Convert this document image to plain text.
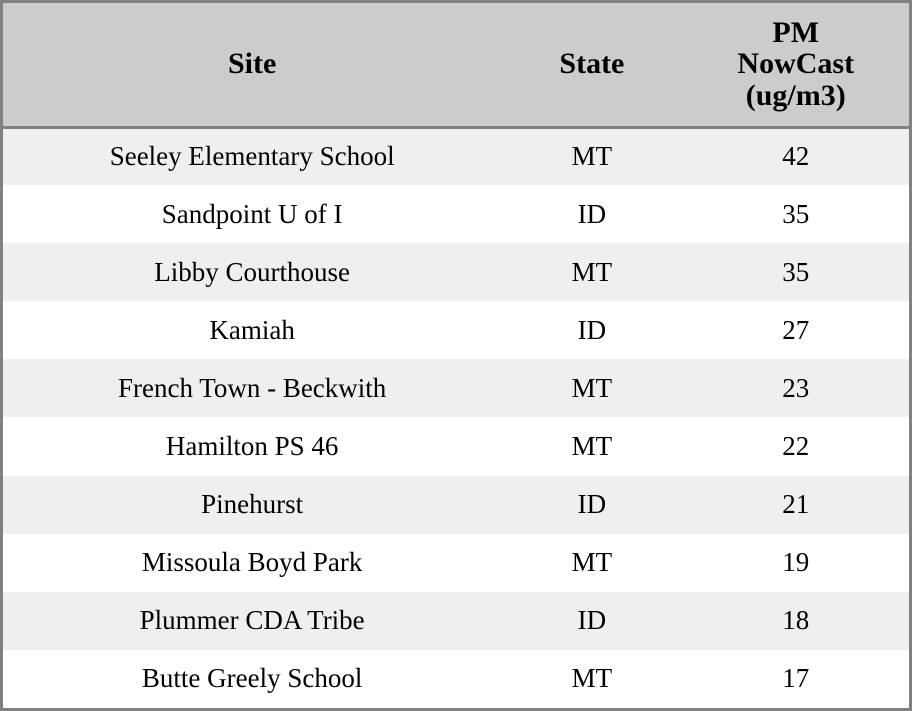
Site	State	PM
NowCast
(ug/m3)

Seeley Elementary School	MT	42
Sandpoint U of I	ID	35
Libby Courthouse	MT	35
Kamiah	ID	27
French Town - Beckwith	MT	23
Hamilton PS 46	MT	22
Pinehurst	ID	21
Missoula Boyd Park	MT	19
Plummer CDA Tribe	ID	18
Butte Greely School	MT	17
